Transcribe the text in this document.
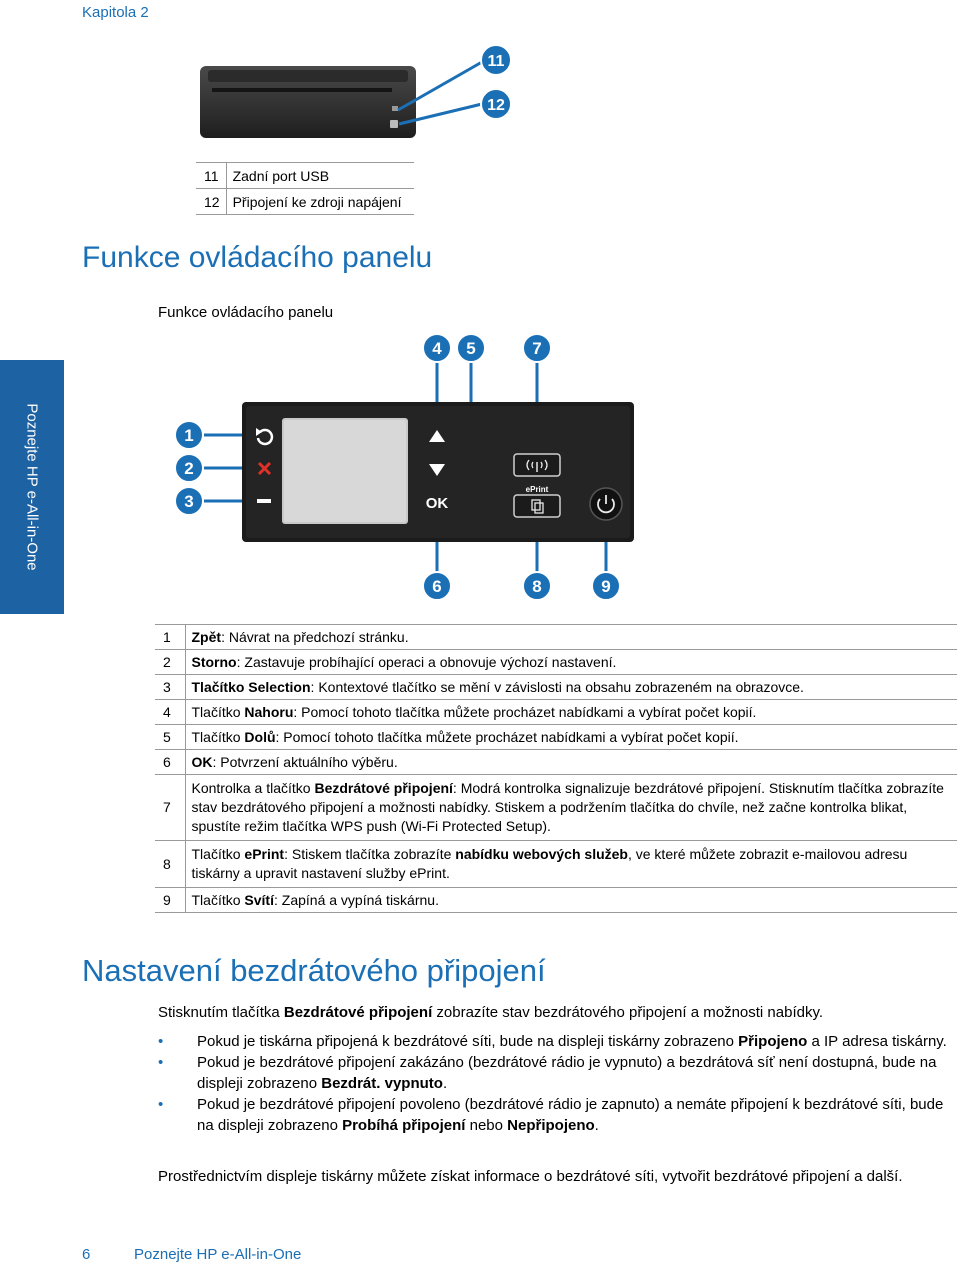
Kapitola 2
Poznejte HP e-All-in-One
11
12
11	Zadní port USB
12	Připojení ke zdroji napájení
Funkce ovládacího panelu
Funkce ovládacího panelu
OK
ePrint
4 5	7
1
2
3
6	8	9
1	Zpět: Návrat na předchozí stránku.
2	Storno: Zastavuje probíhající operaci a obnovuje výchozí nastavení.
3	Tlačítko Selection: Kontextové tlačítko se mění v závislosti na obsahu zobrazeném na obrazovce.
4	Tlačítko Nahoru: Pomocí tohoto tlačítka můžete procházet nabídkami a vybírat počet kopií.
5	Tlačítko Dolů: Pomocí tohoto tlačítka můžete procházet nabídkami a vybírat počet kopií.
6	OK: Potvrzení aktuálního výběru.
7	Kontrolka a tlačítko Bezdrátové připojení: Modrá kontrolka signalizuje bezdrátové připojení. Stisknutím tlačítka zobrazíte stav bezdrátového připojení a možnosti nabídky. Stiskem a podržením tlačítka do chvíle, než začne kontrolka blikat, spustíte režim tlačítka WPS push (Wi-Fi Protected Setup).
8	Tlačítko ePrint: Stiskem tlačítka zobrazíte nabídku webových služeb, ve které můžete zobrazit e-mailovou adresu tiskárny a upravit nastavení služby ePrint.
9	Tlačítko Svítí: Zapíná a vypíná tiskárnu.
Nastavení bezdrátového připojení
Stisknutím tlačítka Bezdrátové připojení zobrazíte stav bezdrátového připojení a možnosti nabídky.
• Pokud je tiskárna připojená k bezdrátové síti, bude na displeji tiskárny zobrazeno Připojeno a IP adresa tiskárny.
• Pokud je bezdrátové připojení zakázáno (bezdrátové rádio je vypnuto) a bezdrátová síť není dostupná, bude na displeji zobrazeno Bezdrát. vypnuto.
• Pokud je bezdrátové připojení povoleno (bezdrátové rádio je zapnuto) a nemáte připojení k bezdrátové síti, bude na displeji zobrazeno Probíhá připojení nebo Nepřipojeno.
Prostřednictvím displeje tiskárny můžete získat informace o bezdrátové síti, vytvořit bezdrátové připojení a další.
6	Poznejte HP e-All-in-One
